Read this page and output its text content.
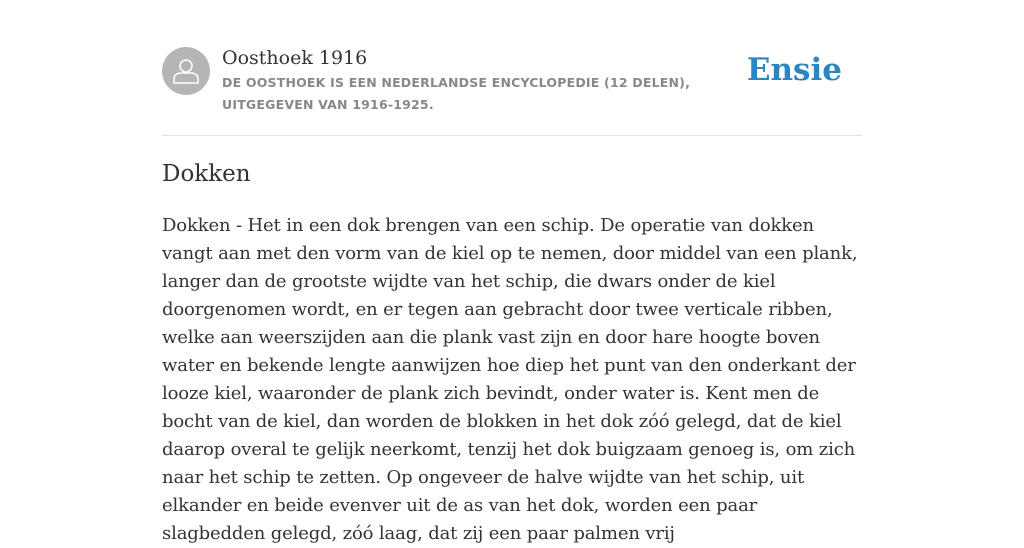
Oosthoek 1916
DE OOSTHOEK IS EEN NEDERLANDSE ENCYCLOPEDIE (12 DELEN), UITGEGEVEN VAN 1916-1925.
Ensie
Dokken

Dokken - Het in een dok brengen van een schip. De operatie van dokken vangt aan met den vorm van de kiel op te nemen, door middel van een plank, langer dan de grootste wijdte van het schip, die dwars onder de kiel doorgenomen wordt, en er tegen aan gebracht door twee verticale ribben, welke aan weerszijden aan die plank vast zijn en door hare hoogte boven water en bekende lengte aanwijzen hoe diep het punt van den onderkant der looze kiel, waaronder de plank zich bevindt, onder water is. Kent men de bocht van de kiel, dan worden de blokken in het dok zóó gelegd, dat de kiel daarop overal te gelijk neerkomt, tenzij het dok buigzaam genoeg is, om zich naar het schip te zetten. Op ongeveer de halve wijdte van het schip, uit elkander en beide evenver uit de as van het dok, worden een paar slagbedden gelegd, zóó laag, dat zij een paar palmen vrij
